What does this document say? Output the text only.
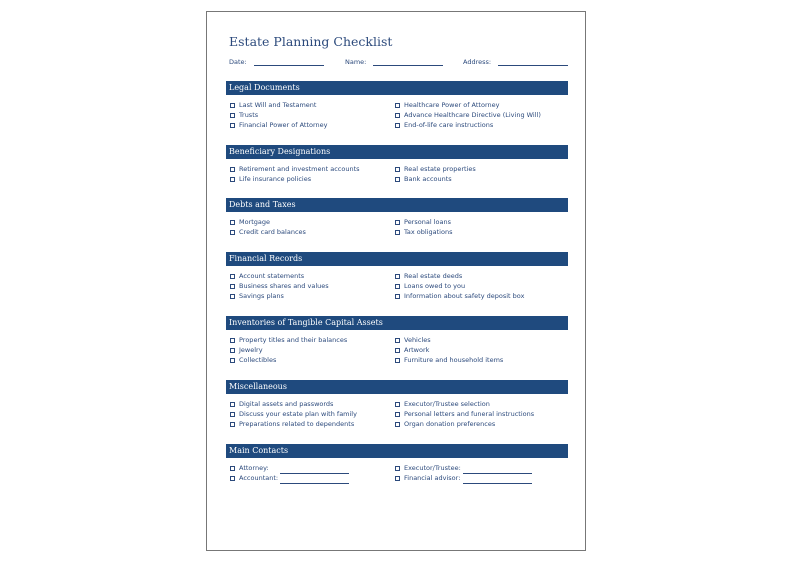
Estate Planning Checklist
Date:	Name:	Address:
Legal Documents
Last Will and Testament
Trusts
Financial Power of Attorney
Healthcare Power of Attorney
Advance Healthcare Directive (Living Will)
End-of-life care instructions
Beneficiary Designations
Retirement and investment accounts
Life insurance policies
Real estate properties
Bank accounts
Debts and Taxes
Mortgage
Credit card balances
Personal loans
Tax obligations
Financial Records
Account statements
Business shares and values
Savings plans
Real estate deeds
Loans owed to you
Information about safety deposit box
Inventories of Tangible Capital Assets
Property titles and their balances
Jewelry
Collectibles
Vehicles
Artwork
Furniture and household items
Miscellaneous
Digital assets and passwords
Discuss your estate plan with family
Preparations related to dependents
Executor/Trustee selection
Personal letters and funeral instructions
Organ donation preferences
Main Contacts
Attorney:
Accountant:
Executor/Trustee:
Financial advisor:
